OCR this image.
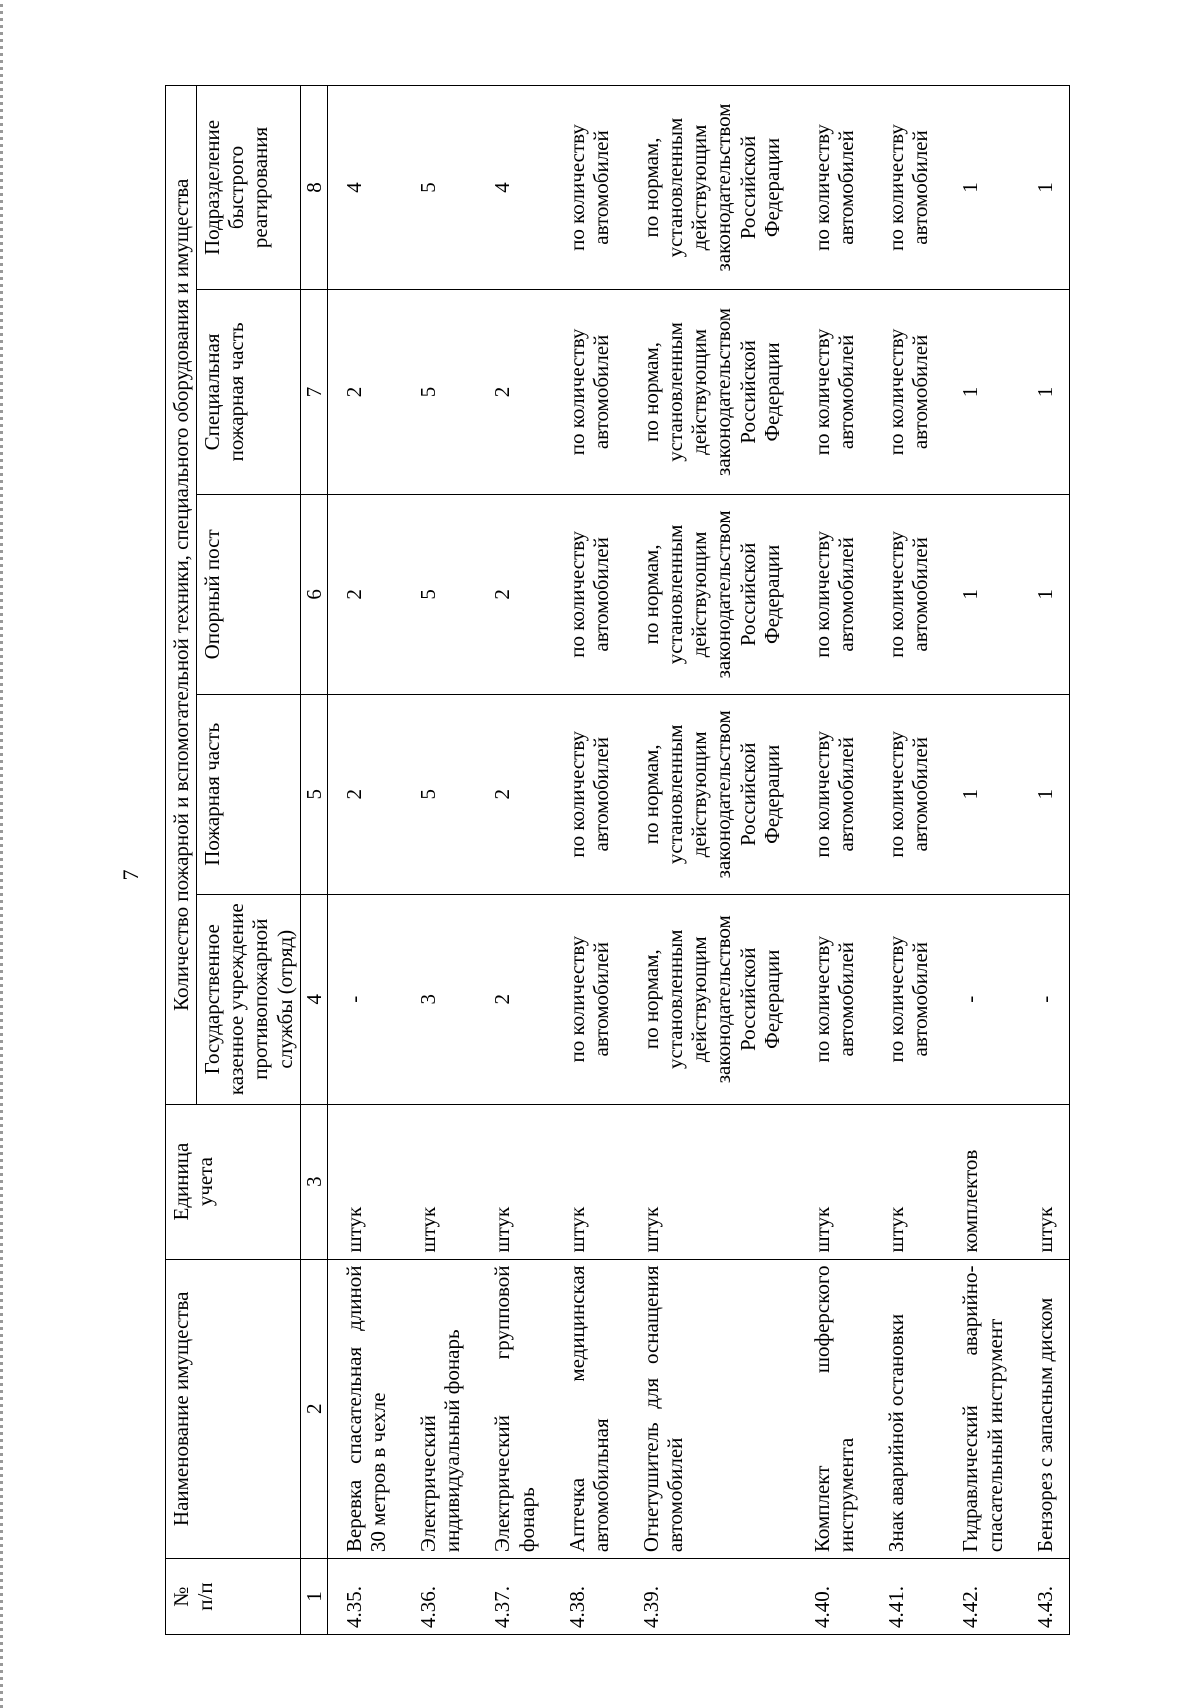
7
№
п/п	Наименование имущества	Единица
учета	Количество пожарной и вспомогательной техники, специального оборудования и имущества				
			Государственное казенное учреждение противопожарной службы (отряд)	Пожарная часть	Опорный пост	Специальная пожарная часть	Подразделение быстрого реагирования
1	2	3	4	5	6	7	8
4.35.	Веревка спасательная длиной 30 метров в чехле	штук	-	2	2	2	4
4.36.	Электрический индивидуальный фонарь	штук	3	5	5	5	5
4.37.	Электрический групповой фонарь	штук	2	2	2	2	4
4.38.	Аптечка медицинская автомобильная	штук	по количеству автомобилей	по количеству автомобилей	по количеству автомобилей	по количеству автомобилей	по количеству автомобилей
4.39.	Огнетушитель для оснащения автомобилей	штук	по нормам, установленным действующим законодательством Российской Федерации	по нормам, установленным действующим законодательством Российской Федерации	по нормам, установленным действующим законодательством Российской Федерации	по нормам, установленным действующим законодательством Российской Федерации	по нормам, установленным действующим законодательством Российской Федерации
4.40.	Комплект шоферского инструмента	штук	по количеству автомобилей	по количеству автомобилей	по количеству автомобилей	по количеству автомобилей	по количеству автомобилей
4.41.	Знак аварийной остановки	штук	по количеству автомобилей	по количеству автомобилей	по количеству автомобилей	по количеству автомобилей	по количеству автомобилей
4.42.	Гидравлический аварийно-спасательный инструмент	комплектов	-	1	1	1	1
4.43.	Бензорез с запасным диском	штук	-	1	1	1	1
